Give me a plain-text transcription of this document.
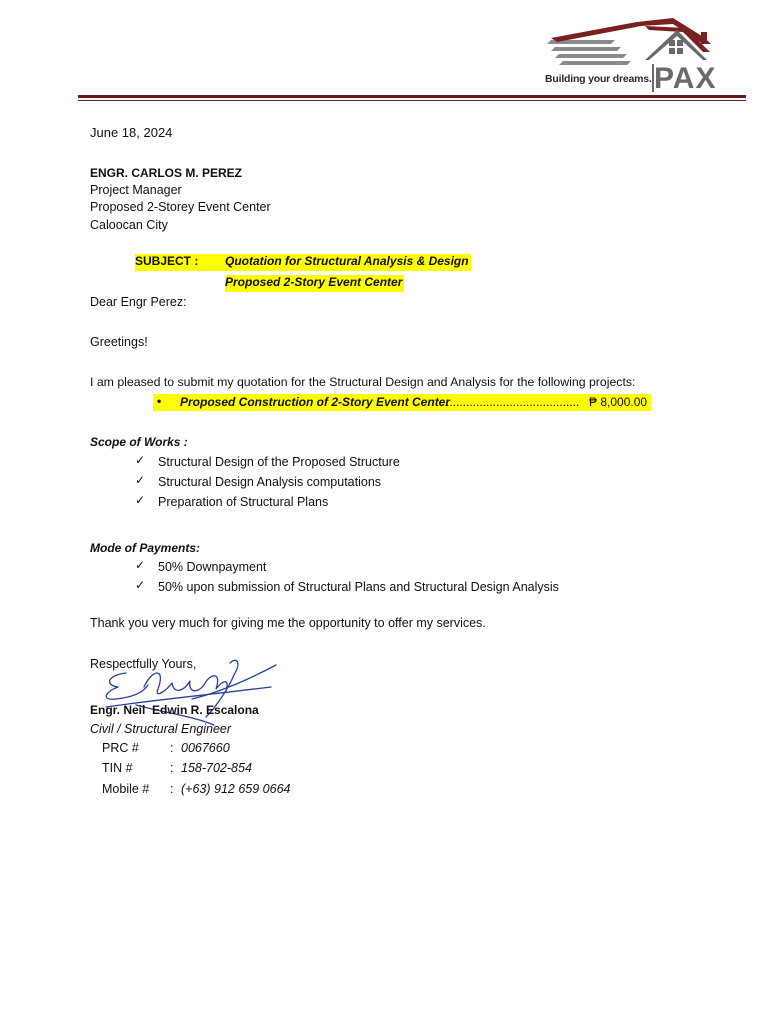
Building your dreams. PAX
June 18, 2024
ENGR. CARLOS M. PEREZ
Project Manager
Proposed 2-Storey Event Center
Caloocan City
SUBJECT :	Quotation for Structural Analysis & Design
Proposed 2-Story Event Center
Dear Engr Perez:
Greetings!
I am pleased to submit my quotation for the Structural Design and Analysis for the following projects:
• Proposed Construction of 2-Story Event Center
........................................ ₱ 8,000.00
Scope of Works :
✓ Structural Design of the Proposed Structure
✓ Structural Design Analysis computations
✓ Preparation of Structural Plans
Mode of Payments:
✓ 50% Downpayment
✓ 50% upon submission of Structural Plans and Structural Design Analysis
Thank you very much for giving me the opportunity to offer my services.
Respectfully Yours,
Engr. Neil  Edwin R. Escalona
Civil / Structural Engineer
PRC # : 0067660
TIN #	: 158-702-854
Mobile # : (+63) 912 659 0664
